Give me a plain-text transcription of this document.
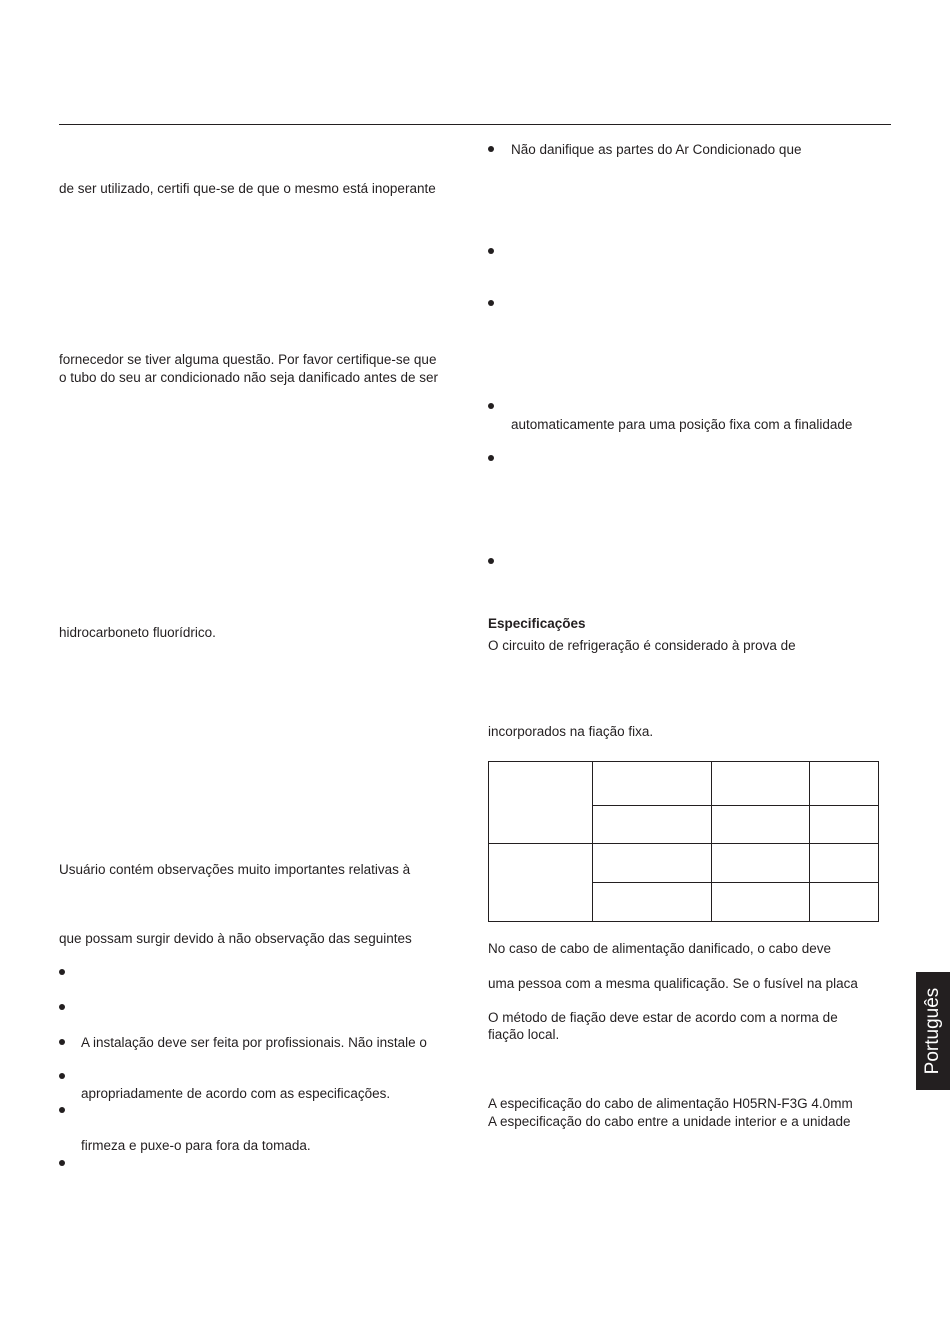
de ser utilizado, certifi que-se de que o mesmo está inoperante
fornecedor se tiver alguma questão. Por favor certifique-se que
o tubo do seu ar condicionado não seja danificado antes de ser
hidrocarboneto fluorídrico.
Usuário contém observações muito importantes relativas à
que possam surgir devido à não observação das seguintes
A instalação deve ser feita por profissionais. Não instale o
apropriadamente de acordo com as especificações.
firmeza e puxe-o para fora da tomada.
Não danifique as partes do Ar Condicionado que
automaticamente para uma posição fixa com a finalidade
Especificações
O circuito de refrigeração é considerado à prova de
incorporados na fiação fixa.

No caso de cabo de alimentação danificado, o cabo deve
uma pessoa com a mesma qualificação. Se o fusível na placa
O método de fiação deve estar de acordo com a norma de
fiação local.
A especificação do cabo de alimentação H05RN-F3G 4.0mm
A especificação do cabo entre a unidade interior e a unidade
Português
